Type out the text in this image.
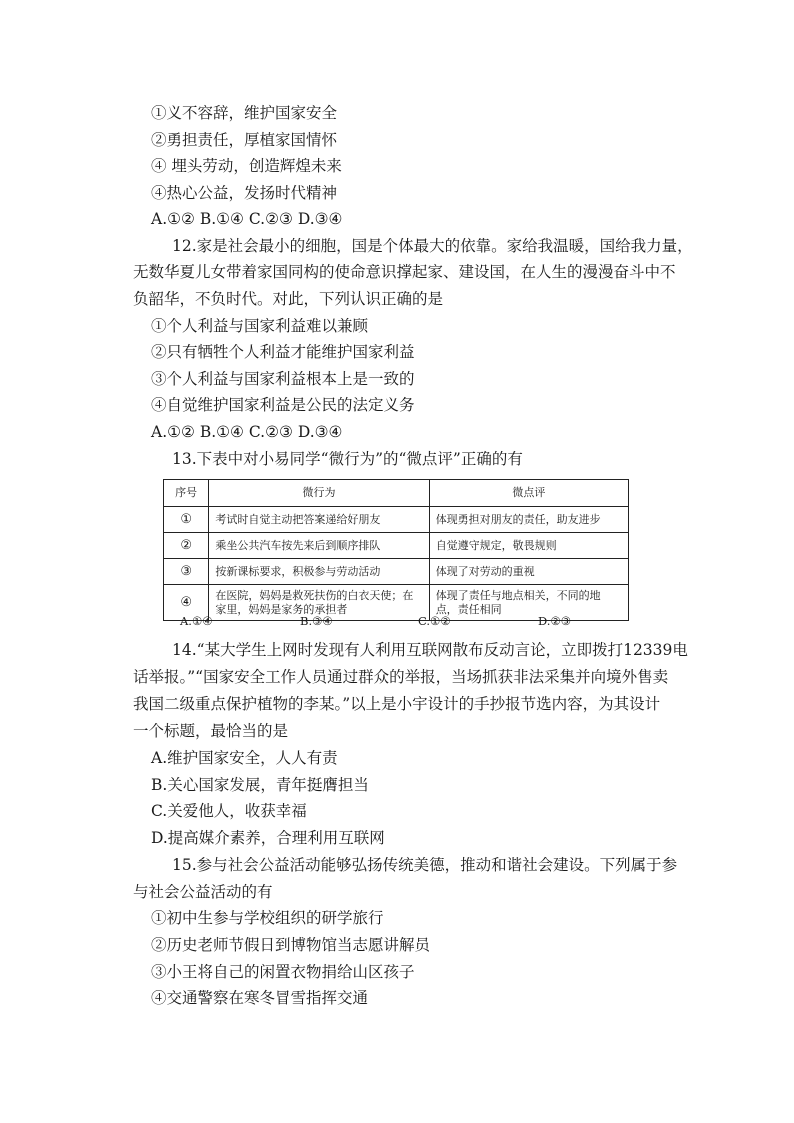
①义不容辞，维护国家安全
②勇担责任，厚植家国情怀
④ 埋头劳动，创造辉煌未来
④热心公益，发扬时代精神
A.①② B.①④ C.②③ D.③④
12.家是社会最小的细胞，国是个体最大的依靠。家给我温暖，国给我力量，
无数华夏儿女带着家国同构的使命意识撑起家、建设国，在人生的漫漫奋斗中不
负韶华，不负时代。对此，下列认识正确的是
①个人利益与国家利益难以兼顾
②只有牺牲个人利益才能维护国家利益
③个人利益与国家利益根本上是一致的
④自觉维护国家利益是公民的法定义务
A.①② B.①④ C.②③ D.③④
13.下表中对小易同学“微行为”的“微点评”正确的有
序号	微行为	微点评
①	考试时自觉主动把答案递给好朋友	体现勇担对朋友的责任，助友进步
②	乘坐公共汽车按先来后到顺序排队	自觉遵守规定，敬畏规则
③	按新课标要求，积极参与劳动活动	体现了对劳动的重视
④	在医院，妈妈是救死扶伤的白衣天使；在家里，妈妈是家务的承担者	体现了责任与地点相关，不同的地点，责任相同
A.①④	B.③④	C.①②	D.②③
14.“某大学生上网时发现有人利用互联网散布反动言论，立即拨打12339电
话举报。”“国家安全工作人员通过群众的举报，当场抓获非法采集并向境外售卖
我国二级重点保护植物的李某。”以上是小宇设计的手抄报节选内容，为其设计
一个标题，最恰当的是
A.维护国家安全，人人有责
B.关心国家发展，青年挺膺担当
C.关爱他人，收获幸福
D.提高媒介素养，合理利用互联网
15.参与社会公益活动能够弘扬传统美德，推动和谐社会建设。下列属于参
与社会公益活动的有
①初中生参与学校组织的研学旅行
②历史老师节假日到博物馆当志愿讲解员
③小王将自己的闲置衣物捐给山区孩子
④交通警察在寒冬冒雪指挥交通
